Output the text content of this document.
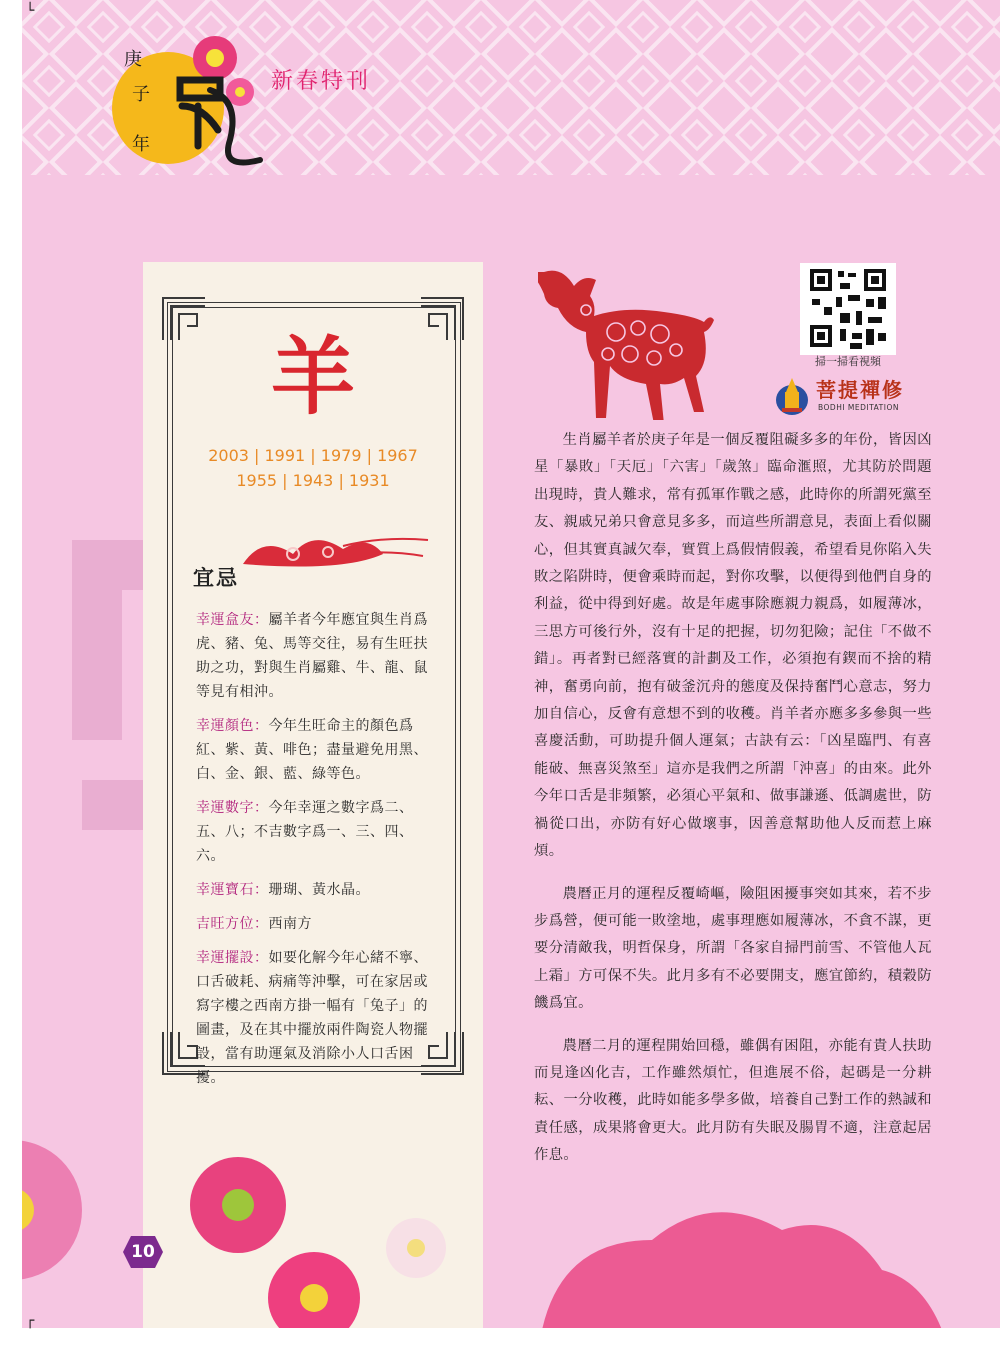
庚
子
年
新春特刊
羊
2003 | 1991 | 1979 | 1967
1955 | 1943 | 1931
宜忌
幸運盒友：屬羊者今年應宜與生肖爲虎、豬、兔、馬等交往，易有生旺扶助之功，對與生肖屬雞、牛、龍、鼠等見有相沖。
幸運顏色：今年生旺命主的顏色爲紅、紫、黃、啡色；盡量避免用黑、白、金、銀、藍、綠等色。
幸運數字：今年幸運之數字爲二、五、八；不吉數字爲一、三、四、六。
幸運寶石：珊瑚、黃水晶。
吉旺方位：西南方
幸運擺設：如要化解今年心緒不寧、口舌破耗、病痛等沖擊，可在家居或寫字樓之西南方掛一幅有「兔子」的圖畫，及在其中擺放兩件陶瓷人物擺設，當有助運氣及消除小人口舌困擾。
掃一掃看視頻
菩提禪修
BODHI MEDITATION

生肖屬羊者於庚子年是一個反覆阻礙多多的年份，皆因凶星「暴敗」「天厄」「六害」「歲煞」臨命滙照，尤其防於問題出現時，貴人難求，常有孤軍作戰之感，此時你的所謂死黨至友、親戚兄弟只會意見多多，而這些所謂意見，表面上看似關心，但其實真誠欠奉，實質上爲假情假義，希望看見你陷入失敗之陷阱時，便會乘時而起，對你攻擊，以便得到他們自身的利益，從中得到好處。故是年處事除應親力親爲，如履薄冰，三思方可後行外，沒有十足的把握，切勿犯險；記住「不做不錯」。再者對已經落實的計劃及工作，必須抱有鍥而不捨的精神，奮勇向前，抱有破釜沉舟的態度及保持奮鬥心意志，努力加自信心，反會有意想不到的收穫。肖羊者亦應多多參與一些喜慶活動，可助提升個人運氣；古訣有云：「凶星臨門、有喜能破、無喜災煞至」這亦是我們之所謂「沖喜」的由來。此外今年口舌是非頻繁，必須心平氣和、做事謙遜、低調處世，防禍從口出，亦防有好心做壞事，因善意幫助他人反而惹上麻煩。

農曆正月的運程反覆崎嶇，險阻困擾事突如其來，若不步步爲營，便可能一敗塗地，處事理應如履薄冰，不貪不謀，更要分清敵我，明哲保身，所謂「各家自掃門前雪、不管他人瓦上霜」方可保不失。此月多有不必要開支，應宜節約，積穀防饑爲宜。

農曆二月的運程開始回穩，雖偶有困阻，亦能有貴人扶助而見逢凶化吉，工作雖然煩忙，但進展不俗，起碼是一分耕耘、一分收穫，此時如能多學多做，培養自己對工作的熱誠和責任感，成果將會更大。此月防有失眠及腸胃不適，注意起居作息。

10
└
┌
